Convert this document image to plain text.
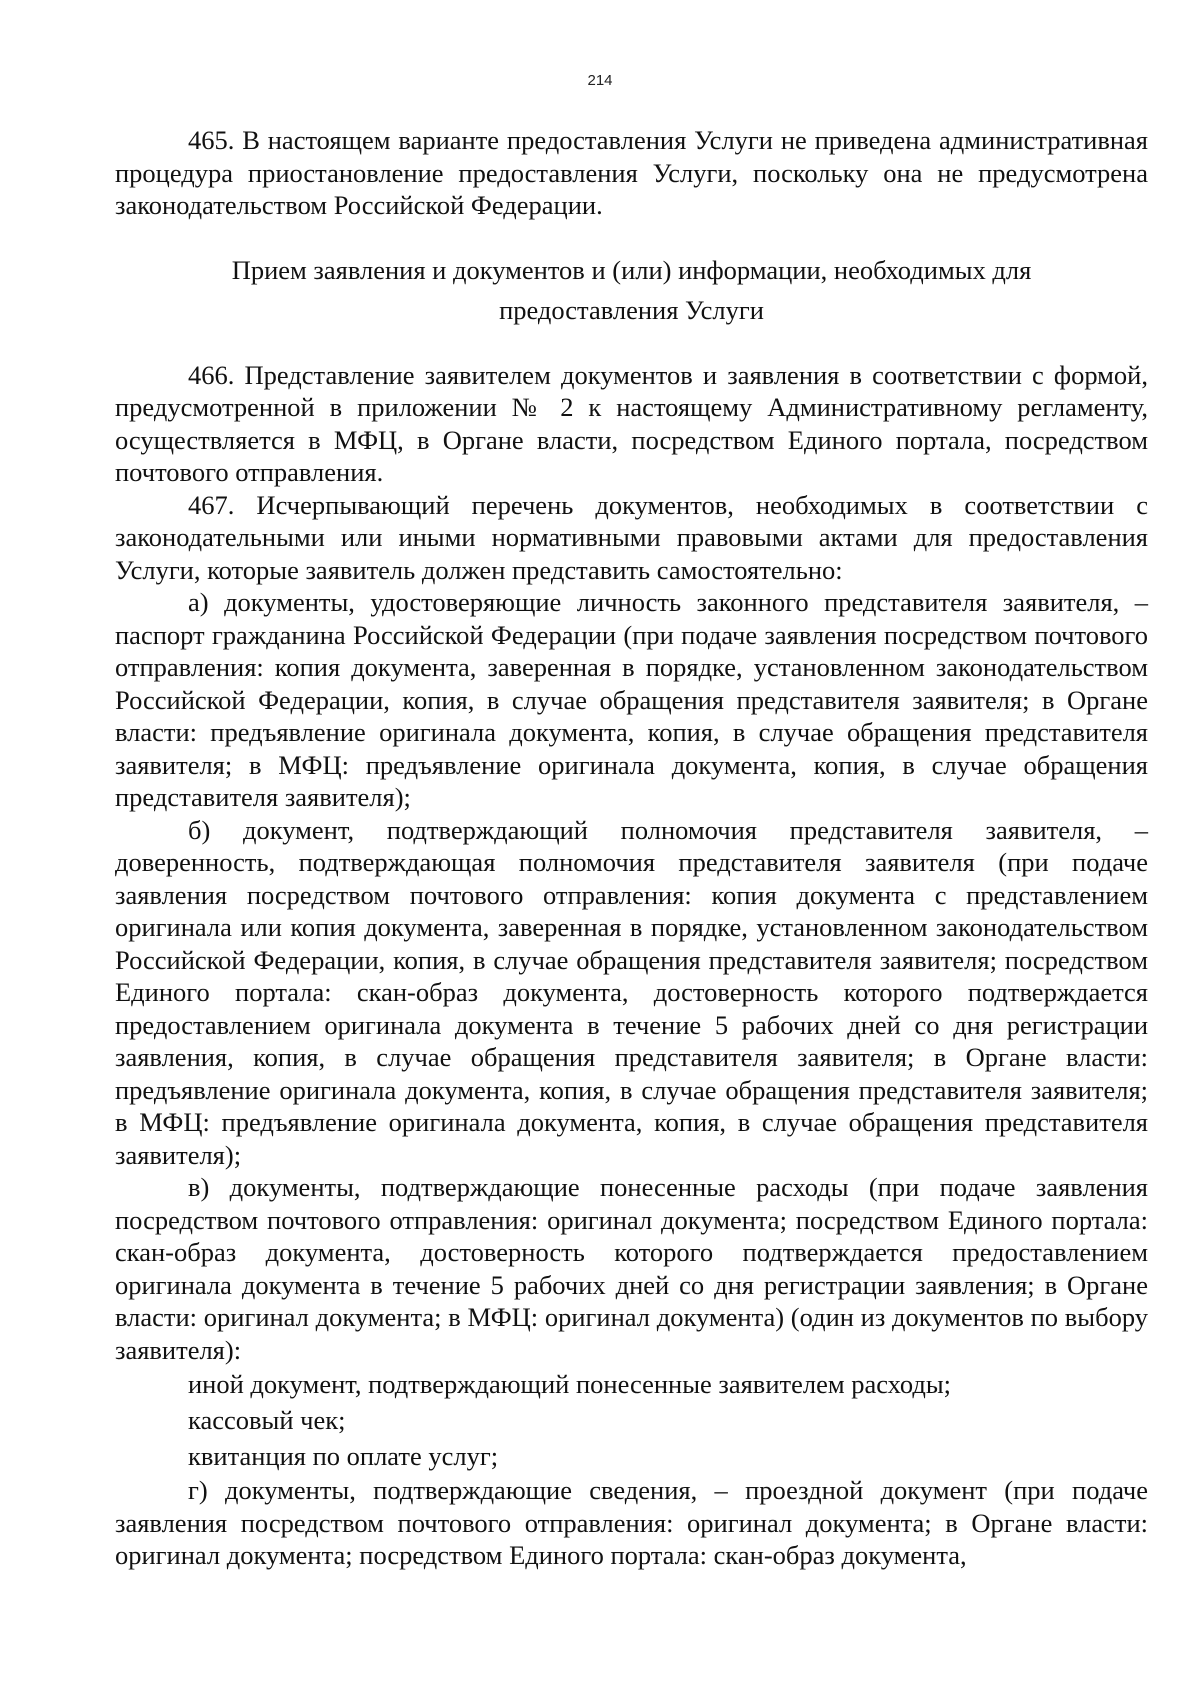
214

465. В настоящем варианте предоставления Услуги не приведена административная процедура приостановление предоставления Услуги, поскольку она не предусмотрена законодательством Российской Федерации.

Прием заявления и документов и (или) информации, необходимых для
предоставления Услуги

466. Представление заявителем документов и заявления в соответствии с формой, предусмотренной в приложении № 2 к настоящему Административному регламенту, осуществляется в МФЦ, в Органе власти, посредством Единого портала, посредством почтового отправления.

467. Исчерпывающий перечень документов, необходимых в соответствии с законодательными или иными нормативными правовыми актами для предоставления Услуги, которые заявитель должен представить самостоятельно:

а) документы, удостоверяющие личность законного представителя заявителя, – паспорт гражданина Российской Федерации (при подаче заявления посредством почтового отправления: копия документа, заверенная в порядке, установленном законодательством Российской Федерации, копия, в случае обращения представителя заявителя; в Органе власти: предъявление оригинала документа, копия, в случае обращения представителя заявителя; в МФЦ: предъявление оригинала документа, копия, в случае обращения представителя заявителя);

б) документ, подтверждающий полномочия представителя заявителя, – доверенность, подтверждающая полномочия представителя заявителя (при подаче заявления посредством почтового отправления: копия документа с представлением оригинала или копия документа, заверенная в порядке, установленном законодательством Российской Федерации, копия, в случае обращения представителя заявителя; посредством Единого портала: скан-образ документа, достоверность которого подтверждается предоставлением оригинала документа в течение 5 рабочих дней со дня регистрации заявления, копия, в случае обращения представителя заявителя; в Органе власти: предъявление оригинала документа, копия, в случае обращения представителя заявителя; в МФЦ: предъявление оригинала документа, копия, в случае обращения представителя заявителя);

в) документы, подтверждающие понесенные расходы (при подаче заявления посредством почтового отправления: оригинал документа; посредством Единого портала: скан-образ документа, достоверность которого подтверждается предоставлением оригинала документа в течение 5 рабочих дней со дня регистрации заявления; в Органе власти: оригинал документа; в МФЦ: оригинал документа) (один из документов по выбору заявителя):

иной документ, подтверждающий понесенные заявителем расходы;

кассовый чек;

квитанция по оплате услуг;

г) документы, подтверждающие сведения, – проездной документ (при подаче заявления посредством почтового отправления: оригинал документа; в Органе власти: оригинал документа; посредством Единого портала: скан-образ документа,
